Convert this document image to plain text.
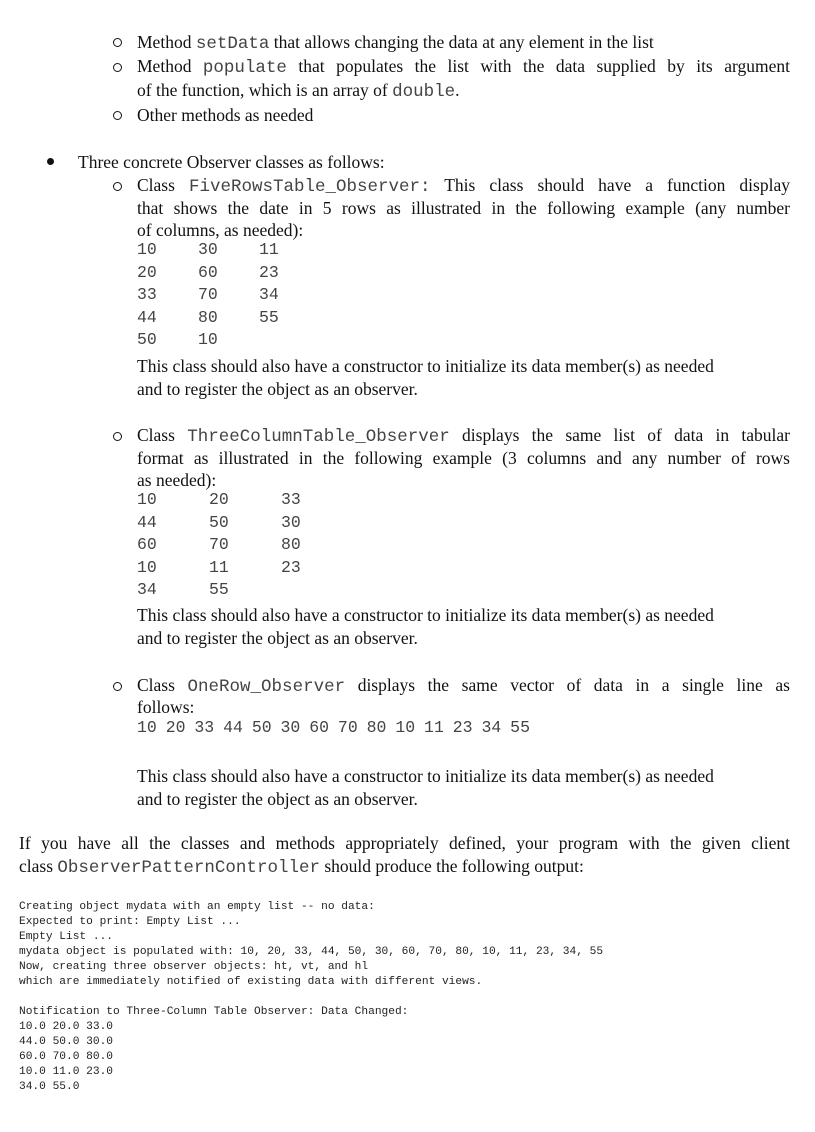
Method setData that allows changing the data at any element in the list
Method populate that populates the list with the data supplied by its argument
of the function, which is an array of double.
Other methods as needed
Three concrete Observer classes as follows:
Class FiveRowsTable_Observer: This class should have a function display
that shows the date in 5 rows as illustrated in the following example (any number
of columns, as needed):
10	30	11
20	60	23
33	70	34
44	80	55
50	10	
This class should also have a constructor to initialize its data member(s) as needed
and to register the object as an observer.
Class ThreeColumnTable_Observer displays the same list of data in tabular
format as illustrated in the following example (3 columns and any number of rows
as needed):
10	20	33
44	50	30
60	70	80
10	11	23
34	55	
This class should also have a constructor to initialize its data member(s) as needed
and to register the object as an observer.
Class OneRow_Observer displays the same vector of data in a single line as
follows:
10 20 33 44 50 30 60 70 80 10 11 23 34 55
This class should also have a constructor to initialize its data member(s) as needed
and to register the object as an observer.
If you have all the classes and methods appropriately defined, your program with the given client
class ObserverPatternController should produce the following output:
Creating object mydata with an empty list -- no data:
Expected to print: Empty List ...
Empty List ...
mydata object is populated with: 10, 20, 33, 44, 50, 30, 60, 70, 80, 10, 11, 23, 34, 55
Now, creating three observer objects: ht, vt, and hl
which are immediately notified of existing data with different views.

Notification to Three-Column Table Observer: Data Changed:
10.0 20.0 33.0
44.0 50.0 30.0
60.0 70.0 80.0
10.0 11.0 23.0
34.0 55.0
